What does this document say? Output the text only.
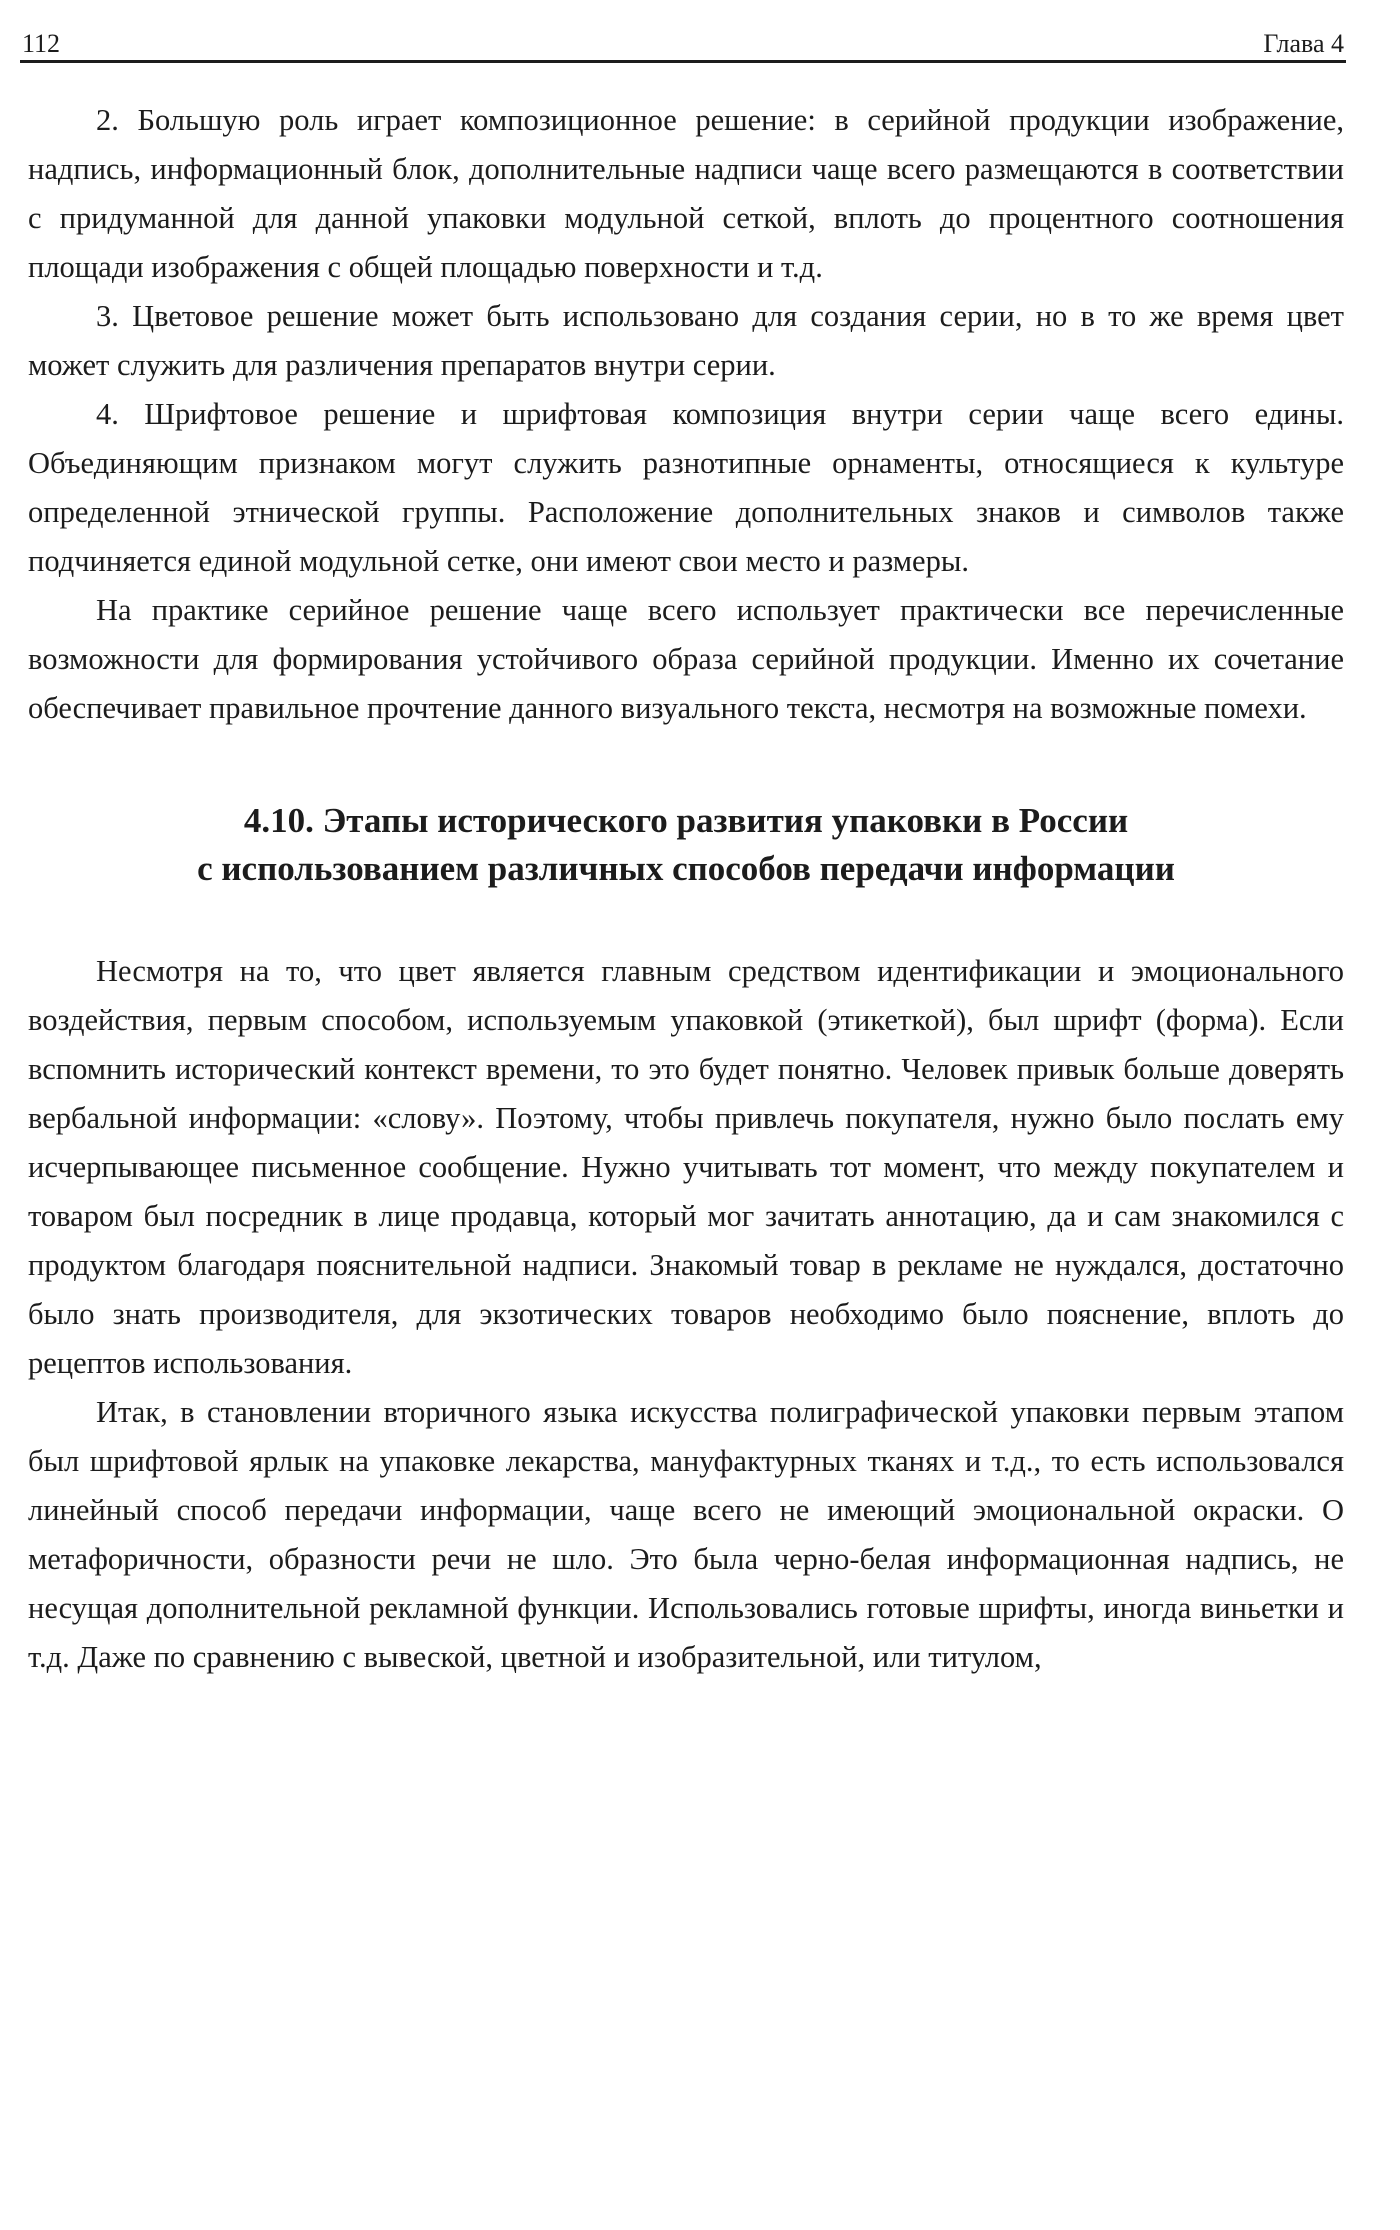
112	Глава 4

2. Большую роль играет композиционное решение: в серийной продукции изображение, надпись, информационный блок, дополнительные надписи чаще всего размещаются в соответствии с придуманной для данной упаковки модульной сеткой, вплоть до процентного соотношения площади изображения с общей площадью поверхности и т.д.

3. Цветовое решение может быть использовано для создания серии, но в то же время цвет может служить для различения препаратов внутри серии.

4. Шрифтовое решение и шрифтовая композиция внутри серии чаще всего едины. Объединяющим признаком могут служить разнотипные орнаменты, относящиеся к культуре определенной этнической группы. Расположение дополнительных знаков и символов также подчиняется единой модульной сетке, они имеют свои место и размеры.

На практике серийное решение чаще всего использует практически все перечисленные возможности для формирования устойчивого образа серийной продукции. Именно их сочетание обеспечивает правильное прочтение данного визуального текста, несмотря на возможные помехи.

4.10. Этапы исторического развития упаковки в России
с использованием различных способов передачи информации

Несмотря на то, что цвет является главным средством идентификации и эмоционального воздействия, первым способом, используемым упаковкой (этикеткой), был шрифт (форма). Если вспомнить исторический контекст времени, то это будет понятно. Человек привык больше доверять вербальной информации: «слову». Поэтому, чтобы привлечь покупателя, нужно было послать ему исчерпывающее письменное сообщение. Нужно учитывать тот момент, что между покупателем и товаром был посредник в лице продавца, который мог зачитать аннотацию, да и сам знакомился с продуктом благодаря пояснительной надписи. Знакомый товар в рекламе не нуждался, достаточно было знать производителя, для экзотических товаров необходимо было пояснение, вплоть до рецептов использования.

Итак, в становлении вторичного языка искусства полиграфической упаковки первым этапом был шрифтовой ярлык на упаковке лекарства, мануфактурных тканях и т.д., то есть использовался линейный способ передачи информации, чаще всего не имеющий эмоциональной окраски. О метафоричности, образности речи не шло. Это была черно-белая информационная надпись, не несущая дополнительной рекламной функции. Использовались готовые шрифты, иногда виньетки и т.д. Даже по сравнению с вывеской, цветной и изобразительной, или титулом,
